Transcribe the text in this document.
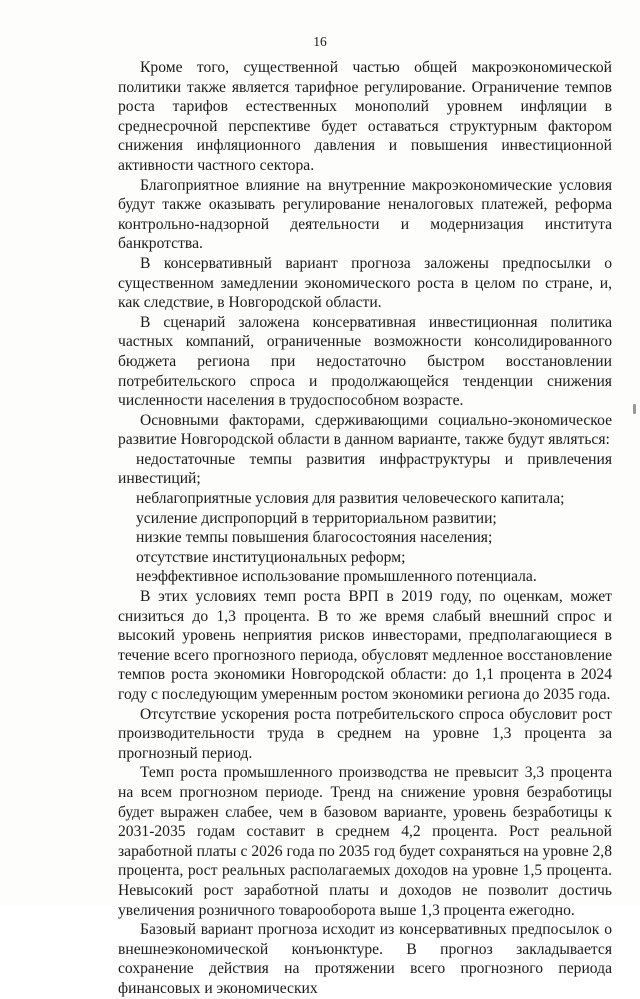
16

Кроме того, существенной частью общей макроэкономической политики также является тарифное регулирование. Ограничение темпов роста тарифов естественных монополий уровнем инфляции в среднесрочной перспективе будет оставаться структурным фактором снижения инфляционного давления и повышения инвестиционной активности частного сектора.

Благоприятное влияние на внутренние макроэкономические условия будут также оказывать регулирование неналоговых платежей, реформа контрольно-надзорной деятельности и модернизация института банкротства.

В консервативный вариант прогноза заложены предпосылки о существенном замедлении экономического роста в целом по стране, и, как следствие, в Новгородской области.

В сценарий заложена консервативная инвестиционная политика частных компаний, ограниченные возможности консолидированного бюджета региона при недостаточно быстром восстановлении потребительского спроса и продолжающейся тенденции снижения численности населения в трудоспособном возрасте.

Основными факторами, сдерживающими социально-экономическое развитие Новгородской области в данном варианте, также будут являться:

недостаточные темпы развития инфраструктуры и привлечения инвестиций;

неблагоприятные условия для развития человеческого капитала;

усиление диспропорций в территориальном развитии;

низкие темпы повышения благосостояния населения;

отсутствие институциональных реформ;

неэффективное использование промышленного потенциала.

В этих условиях темп роста ВРП в 2019 году, по оценкам, может снизиться до 1,3 процента. В то же время слабый внешний спрос и высокий уровень неприятия рисков инвесторами, предполагающиеся в течение всего прогнозного периода, обусловят медленное восстановление темпов роста экономики Новгородской области: до 1,1 процента в 2024 году с последующим умеренным ростом экономики региона до 2035 года.

Отсутствие ускорения роста потребительского спроса обусловит рост производительности труда в среднем на уровне 1,3 процента за прогнозный период.

Темп роста промышленного производства не превысит 3,3 процента на всем прогнозном периоде. Тренд на снижение уровня безработицы будет выражен слабее, чем в базовом варианте, уровень безработицы к 2031-2035 годам составит в среднем 4,2 процента. Рост реальной заработной платы с 2026 года по 2035 год будет сохраняться на уровне 2,8 процента, рост реальных располагаемых доходов на уровне 1,5 процента. Невысокий рост заработной платы и доходов не позволит достичь увеличения розничного товарооборота выше 1,3 процента ежегодно.

Базовый вариант прогноза исходит из консервативных предпосылок о внешнеэкономической конъюнктуре. В прогноз закладывается сохранение действия на протяжении всего прогнозного периода финансовых и экономических
